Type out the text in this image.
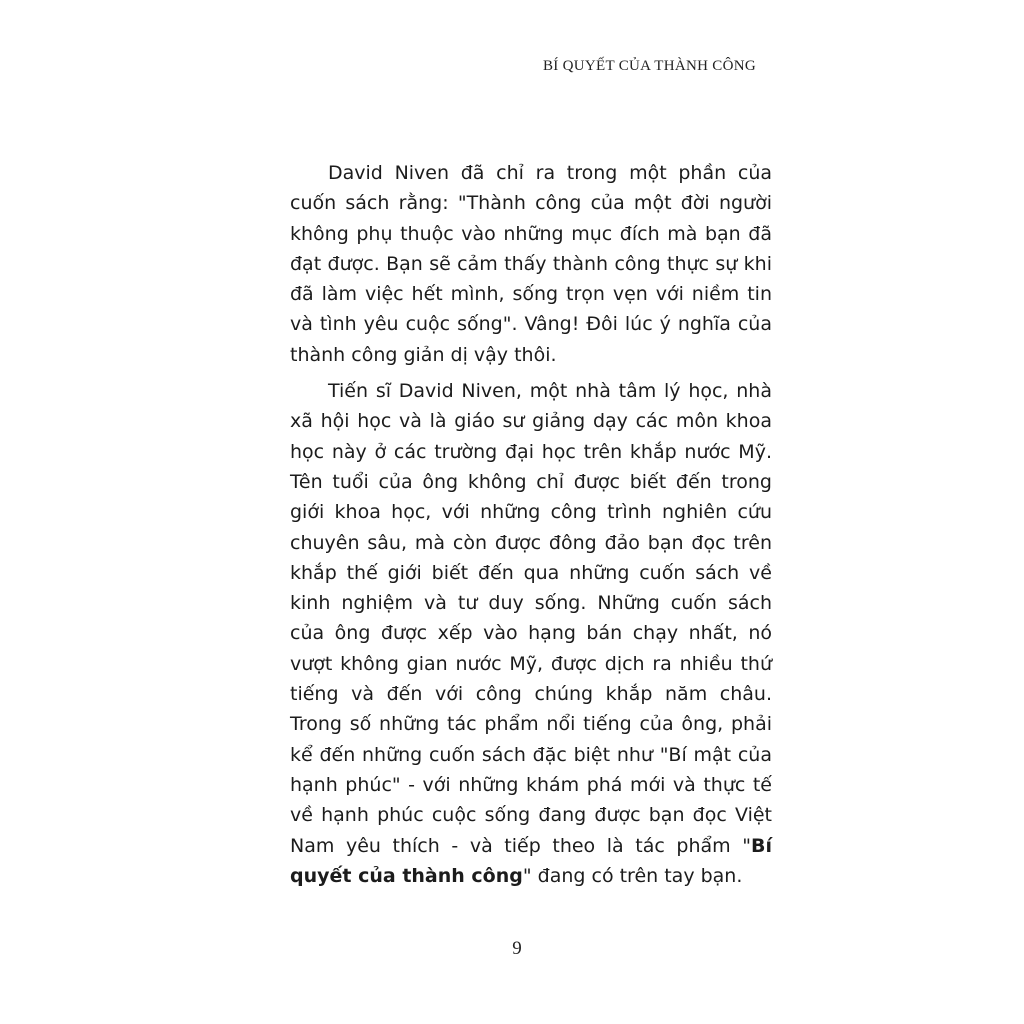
BÍ QUYẾT CỦA THÀNH CÔNG

David Niven đã chỉ ra trong một phần của cuốn sách rằng: "Thành công của một đời người không phụ thuộc vào những mục đích mà bạn đã đạt được. Bạn sẽ cảm thấy thành công thực sự khi đã làm việc hết mình, sống trọn vẹn với niềm tin và tình yêu cuộc sống". Vâng! Đôi lúc ý nghĩa của thành công giản dị vậy thôi.

Tiến sĩ David Niven, một nhà tâm lý học, nhà xã hội học và là giáo sư giảng dạy các môn khoa học này ở các trường đại học trên khắp nước Mỹ. Tên tuổi của ông không chỉ được biết đến trong giới khoa học, với những công trình nghiên cứu chuyên sâu, mà còn được đông đảo bạn đọc trên khắp thế giới biết đến qua những cuốn sách về kinh nghiệm và tư duy sống. Những cuốn sách của ông được xếp vào hạng bán chạy nhất, nó vượt không gian nước Mỹ, được dịch ra nhiều thứ tiếng và đến với công chúng khắp năm châu. Trong số những tác phẩm nổi tiếng của ông, phải kể đến những cuốn sách đặc biệt như "Bí mật của hạnh phúc" - với những khám phá mới và thực tế về hạnh phúc cuộc sống đang được bạn đọc Việt Nam yêu thích - và tiếp theo là tác phẩm "Bí quyết của thành công" đang có trên tay bạn.

9
